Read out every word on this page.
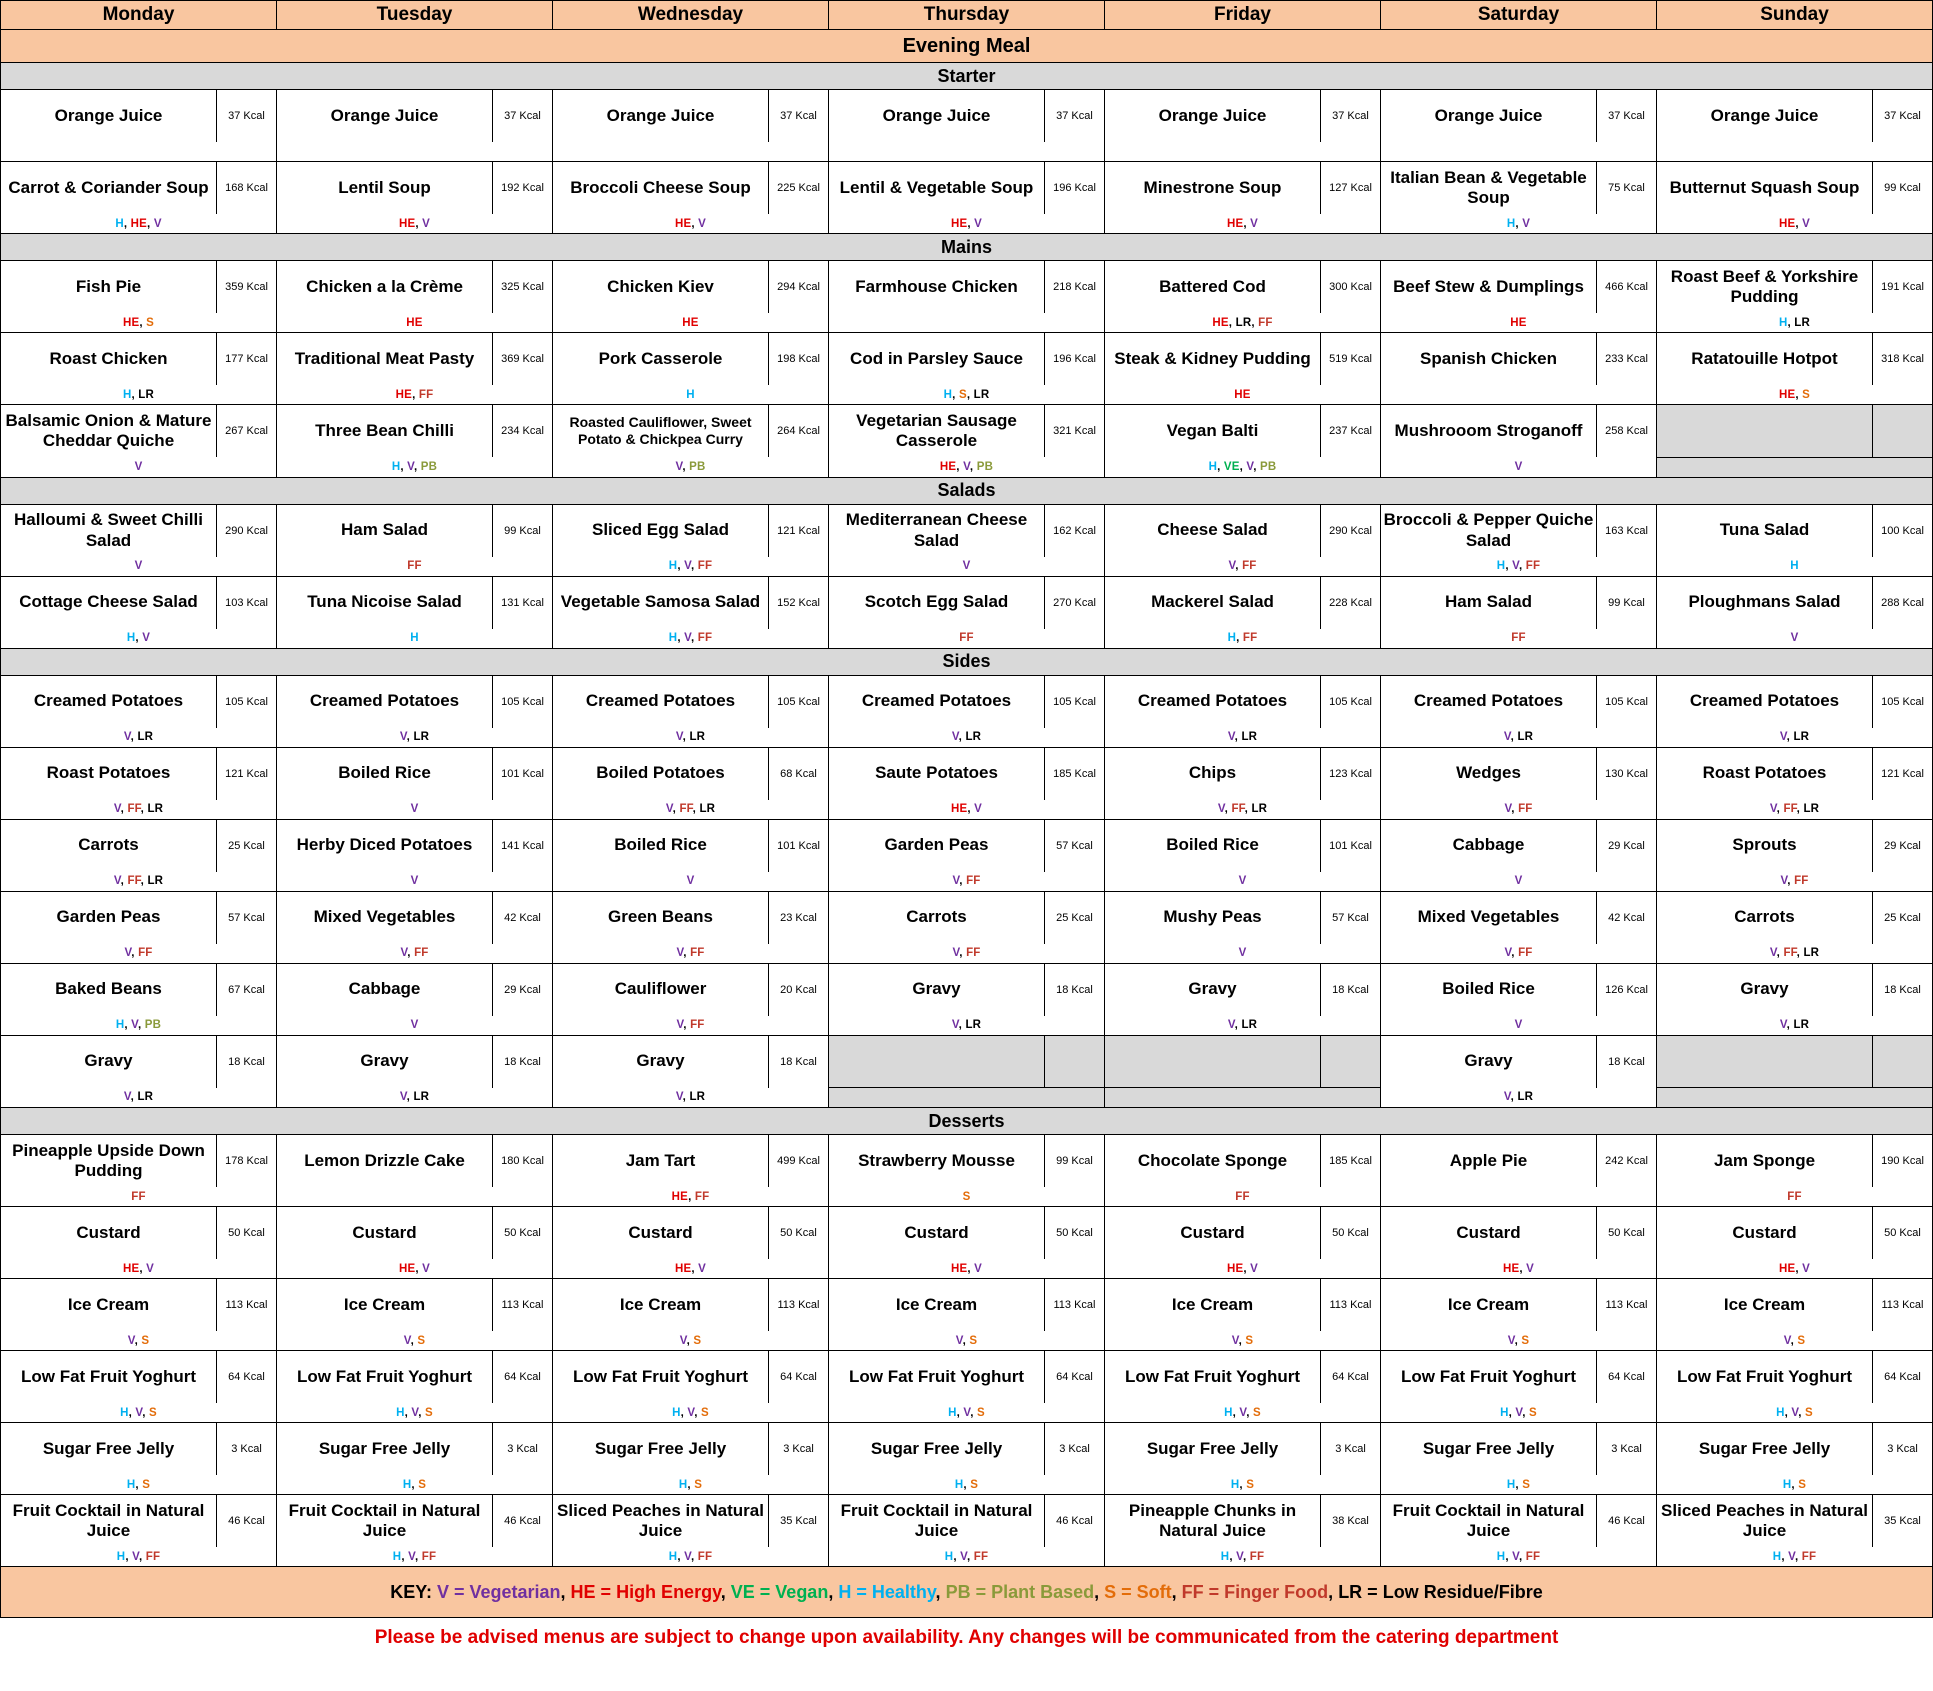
Monday		Tuesday		Wednesday		Thursday		Friday		Saturday		Sunday	
Evening Meal													
Starter													
Orange Juice	37 Kcal	Orange Juice	37 Kcal	Orange Juice	37 Kcal	Orange Juice	37 Kcal	Orange Juice	37 Kcal	Orange Juice	37 Kcal	Orange Juice	37 Kcal

Carrot & Coriander Soup	168 Kcal	Lentil Soup	192 Kcal	Broccoli Cheese Soup	225 Kcal	Lentil & Vegetable Soup	196 Kcal	Minestrone Soup	127 Kcal	Italian Bean & Vegetable Soup	75 Kcal	Butternut Squash Soup	99 Kcal
H, HE, V		HE, V		HE, V		HE, V		HE, V		H, V		HE, V	
Mains													
Fish Pie	359 Kcal	Chicken a la Crème	325 Kcal	Chicken Kiev	294 Kcal	Farmhouse Chicken	218 Kcal	Battered Cod	300 Kcal	Beef Stew & Dumplings	466 Kcal	Roast Beef & Yorkshire Pudding	191 Kcal
HE, S		HE		HE				HE, LR, FF		HE		H, LR	
Roast Chicken	177 Kcal	Traditional Meat Pasty	369 Kcal	Pork Casserole	198 Kcal	Cod in Parsley Sauce	196 Kcal	Steak & Kidney Pudding	519 Kcal	Spanish Chicken	233 Kcal	Ratatouille Hotpot	318 Kcal
H, LR		HE, FF		H		H, S, LR		HE				HE, S	
Balsamic Onion & Mature Cheddar Quiche	267 Kcal	Three Bean Chilli	234 Kcal	Roasted Cauliflower, Sweet Potato & Chickpea Curry	264 Kcal	Vegetarian Sausage Casserole	321 Kcal	Vegan Balti	237 Kcal	Mushrooom Stroganoff	258 Kcal		
V		H, V, PB		V, PB		HE, V, PB		H, VE, V, PB		V			
Salads													
Halloumi & Sweet Chilli Salad	290 Kcal	Ham Salad	99 Kcal	Sliced Egg Salad	121 Kcal	Mediterranean Cheese Salad	162 Kcal	Cheese Salad	290 Kcal	Broccoli & Pepper Quiche Salad	163 Kcal	Tuna Salad	100 Kcal
V		FF		H, V, FF		V		V, FF		H, V, FF		H	
Cottage Cheese Salad	103 Kcal	Tuna Nicoise Salad	131 Kcal	Vegetable Samosa Salad	152 Kcal	Scotch Egg Salad	270 Kcal	Mackerel Salad	228 Kcal	Ham Salad	99 Kcal	Ploughmans Salad	288 Kcal
H, V		H		H, V, FF		FF		H, FF		FF		V	
Sides													
Creamed Potatoes	105 Kcal	Creamed Potatoes	105 Kcal	Creamed Potatoes	105 Kcal	Creamed Potatoes	105 Kcal	Creamed Potatoes	105 Kcal	Creamed Potatoes	105 Kcal	Creamed Potatoes	105 Kcal
V, LR		V, LR		V, LR		V, LR		V, LR		V, LR		V, LR	
Roast Potatoes	121 Kcal	Boiled Rice	101 Kcal	Boiled Potatoes	68 Kcal	Saute Potatoes	185 Kcal	Chips	123 Kcal	Wedges	130 Kcal	Roast Potatoes	121 Kcal
V, FF, LR		V		V, FF, LR		HE, V		V, FF, LR		V, FF		V, FF, LR	
Carrots	25 Kcal	Herby Diced Potatoes	141 Kcal	Boiled Rice	101 Kcal	Garden Peas	57 Kcal	Boiled Rice	101 Kcal	Cabbage	29 Kcal	Sprouts	29 Kcal
V, FF, LR		V		V		V, FF		V		V		V, FF	
Garden Peas	57 Kcal	Mixed Vegetables	42 Kcal	Green Beans	23 Kcal	Carrots	25 Kcal	Mushy Peas	57 Kcal	Mixed Vegetables	42 Kcal	Carrots	25 Kcal
V, FF		V, FF		V, FF		V, FF		V		V, FF		V, FF, LR	
Baked Beans	67 Kcal	Cabbage	29 Kcal	Cauliflower	20 Kcal	Gravy	18 Kcal	Gravy	18 Kcal	Boiled Rice	126 Kcal	Gravy	18 Kcal
H, V, PB		V		V, FF		V, LR		V, LR		V		V, LR	
Gravy	18 Kcal	Gravy	18 Kcal	Gravy	18 Kcal					Gravy	18 Kcal		
V, LR		V, LR		V, LR						V, LR			
Desserts													
Pineapple Upside Down Pudding	178 Kcal	Lemon Drizzle Cake	180 Kcal	Jam Tart	499 Kcal	Strawberry Mousse	99 Kcal	Chocolate Sponge	185 Kcal	Apple Pie	242 Kcal	Jam Sponge	190 Kcal
FF				HE, FF		S		FF				FF	
Custard	50 Kcal	Custard	50 Kcal	Custard	50 Kcal	Custard	50 Kcal	Custard	50 Kcal	Custard	50 Kcal	Custard	50 Kcal
HE, V		HE, V		HE, V		HE, V		HE, V		HE, V		HE, V	
Ice Cream	113 Kcal	Ice Cream	113 Kcal	Ice Cream	113 Kcal	Ice Cream	113 Kcal	Ice Cream	113 Kcal	Ice Cream	113 Kcal	Ice Cream	113 Kcal
V, S		V, S		V, S		V, S		V, S		V, S		V, S	
Low Fat Fruit Yoghurt	64 Kcal	Low Fat Fruit Yoghurt	64 Kcal	Low Fat Fruit Yoghurt	64 Kcal	Low Fat Fruit Yoghurt	64 Kcal	Low Fat Fruit Yoghurt	64 Kcal	Low Fat Fruit Yoghurt	64 Kcal	Low Fat Fruit Yoghurt	64 Kcal
H, V, S		H, V, S		H, V, S		H, V, S		H, V, S		H, V, S		H, V, S	
Sugar Free Jelly	3 Kcal	Sugar Free Jelly	3 Kcal	Sugar Free Jelly	3 Kcal	Sugar Free Jelly	3 Kcal	Sugar Free Jelly	3 Kcal	Sugar Free Jelly	3 Kcal	Sugar Free Jelly	3 Kcal
H, S		H, S		H, S		H, S		H, S		H, S		H, S	
Fruit Cocktail in Natural Juice	46 Kcal	Fruit Cocktail in Natural Juice	46 Kcal	Sliced Peaches in Natural Juice	35 Kcal	Fruit Cocktail in Natural Juice	46 Kcal	Pineapple Chunks in Natural Juice	38 Kcal	Fruit Cocktail in Natural Juice	46 Kcal	Sliced Peaches in Natural Juice	35 Kcal
H, V, FF		H, V, FF		H, V, FF		H, V, FF		H, V, FF		H, V, FF		H, V, FF	
KEY: V = Vegetarian, HE = High Energy, VE = Vegan, H = Healthy, PB = Plant Based, S = Soft, FF = Finger Food, LR = Low Residue/Fibre													
Please be advised menus are subject to change upon availability. Any changes will be communicated from the catering department													
